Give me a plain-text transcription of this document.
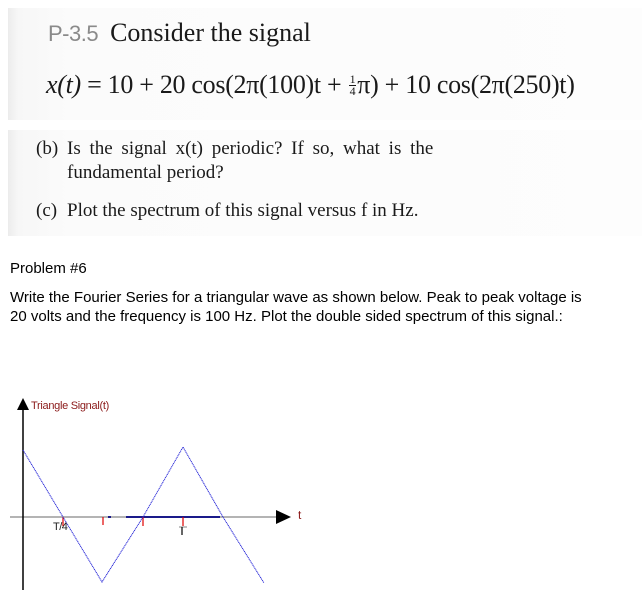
P-3.5 Consider the signal
x(t) = 10 + 20 $\cos(2\pi(100)t + \frac{1}{4} \pi) + 10$ cos(2π(250)t)
(b) Is the signal x(t) periodic? If so, what is the
fundamental period?
(c) Plot the spectrum of this signal versus f in Hz.
Problem #6
Write the Fourier Series for a triangular wave as shown below. Peak to peak voltage is
20 volts and the frequency is 100 Hz. Plot the double sided spectrum of this signal.:
Triangle Signal(t)
t
T/4
